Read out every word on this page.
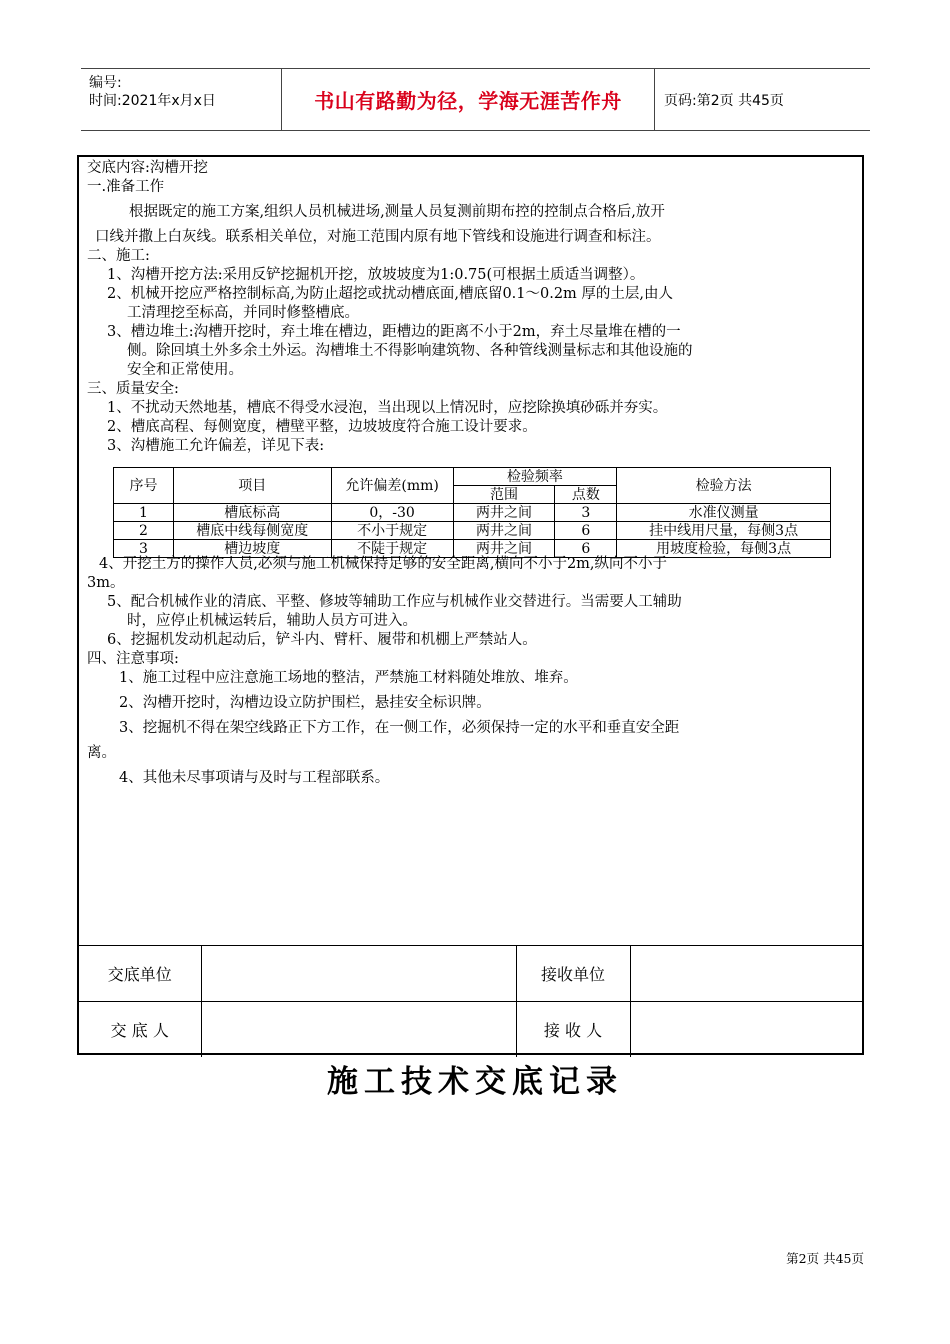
编号:
时间:2021年x月x日	书山有路勤为径，学海无涯苦作舟	页码:第2页 共45页
交底内容:沟槽开挖
一.准备工作
根据既定的施工方案,组织人员机械进场,测量人员复测前期布控的控制点合格后,放开
口线并撒上白灰线。联系相关单位，对施工范围内原有地下管线和设施进行调查和标注。
二、施工:
1、沟槽开挖方法:采用反铲挖掘机开挖，放坡坡度为1:0.75(可根据土质适当调整）。
2、机械开挖应严格控制标高,为防止超挖或扰动槽底面,槽底留0.1～0.2m 厚的土层,由人
工清理挖至标高，并同时修整槽底。
3、槽边堆土:沟槽开挖时，弃土堆在槽边，距槽边的距离不小于2m，弃土尽量堆在槽的一
侧。除回填土外多余土外运。沟槽堆土不得影响建筑物、各种管线测量标志和其他设施的
安全和正常使用。
三、质量安全:
1、不扰动天然地基，槽底不得受水浸泡，当出现以上情况时，应挖除换填砂砾并夯实。
2、槽底高程、每侧宽度，槽壁平整，边坡坡度符合施工设计要求。
3、沟槽施工允许偏差，详见下表:
序号	项目	允许偏差(mm)	检验频率		检验方法
			范围	点数	
1	槽底标高	0，-30	两井之间	3	水准仪测量
2	槽底中线每侧宽度	不小于规定	两井之间	6	挂中线用尺量，每侧3点
3	槽边坡度	不陡于规定	两井之间	6	用坡度检验，每侧3点
4、开挖土方的操作人员,必须与施工机械保持足够的安全距离,横向不小于2m,纵向不小于
3m。
5、配合机械作业的清底、平整、修坡等辅助工作应与机械作业交替进行。当需要人工辅助
时，应停止机械运转后，辅助人员方可进入。
6、挖掘机发动机起动后，铲斗内、臂杆、履带和机棚上严禁站人。
四、注意事项:
1、施工过程中应注意施工场地的整洁，严禁施工材料随处堆放、堆弃。
2、沟槽开挖时，沟槽边设立防护围栏，悬挂安全标识牌。
3、挖掘机不得在架空线路正下方工作，在一侧工作，必须保持一定的水平和垂直安全距
离。
4、其他未尽事项请与及时与工程部联系。
交底单位		接收单位	
交 底 人		接 收 人	
施工技术交底记录
第2页 共45页
